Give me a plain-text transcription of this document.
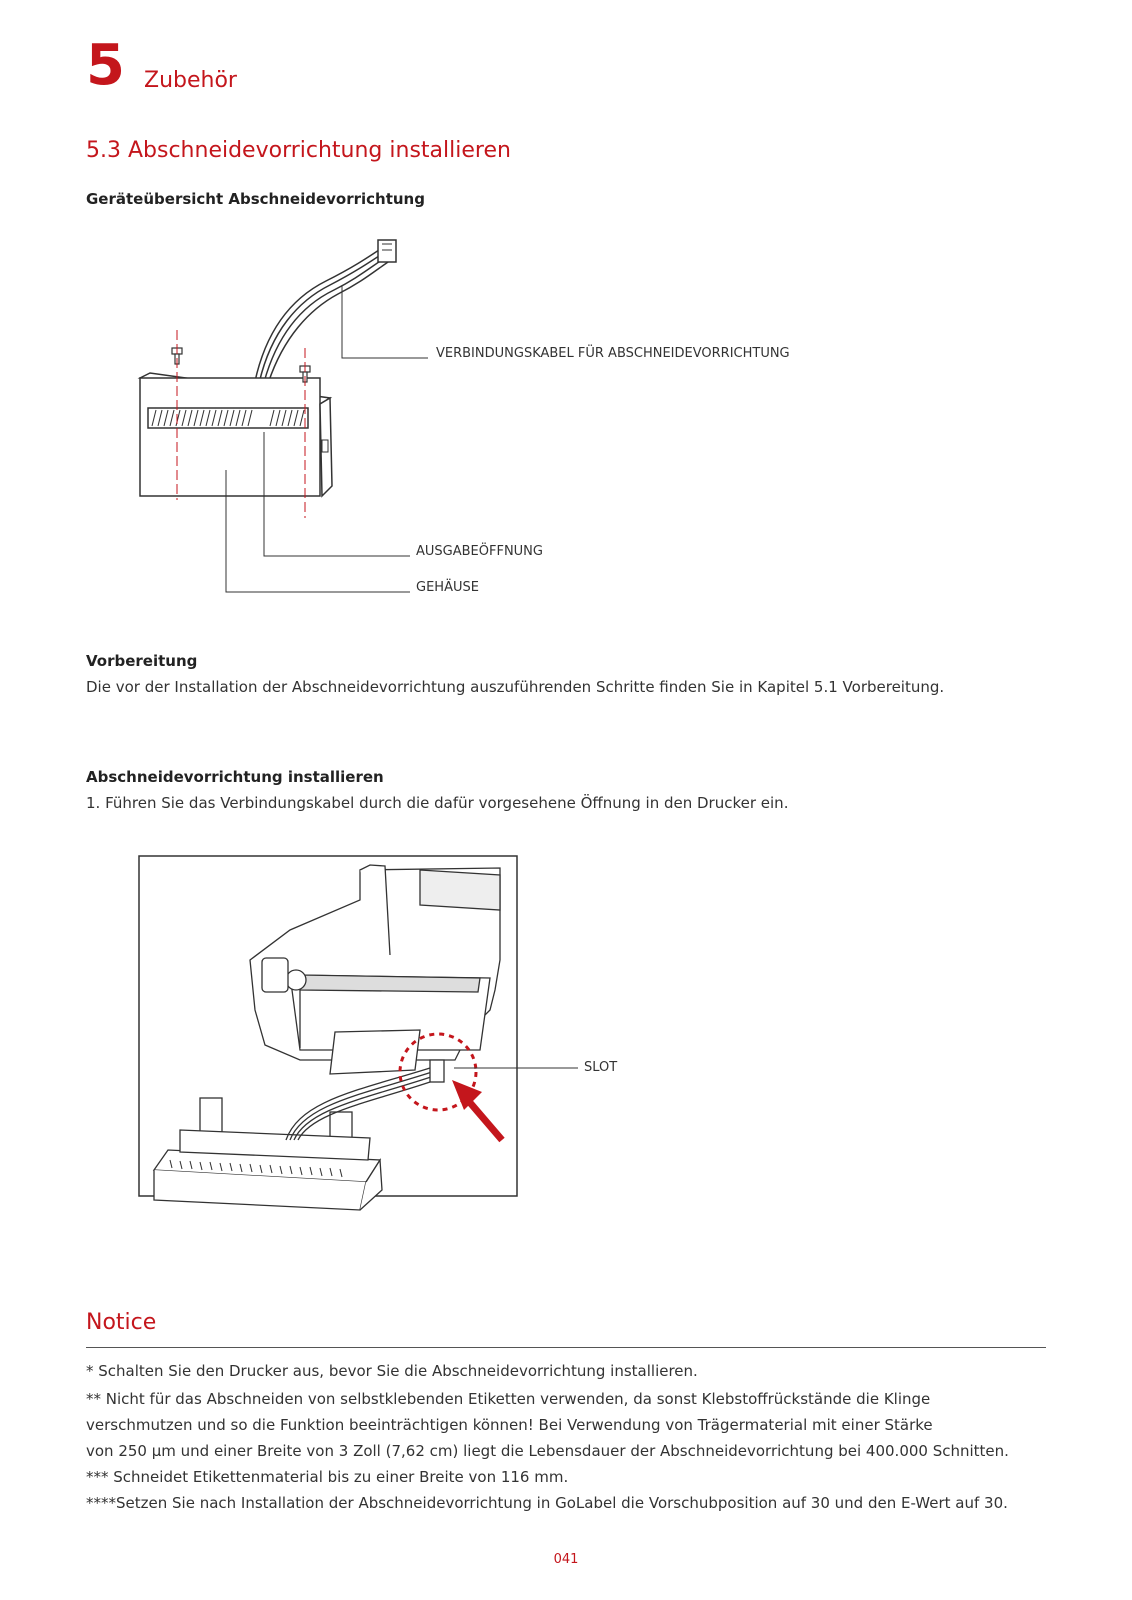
5 Zubehör
5.3 Abschneidevorrichtung installieren
Geräteübersicht Abschneidevorrichtung
VERBINDUNGSKABEL FÜR ABSCHNEIDEVORRICHTUNG
AUSGABEÖFFNUNG
GEHÄUSE
Vorbereitung
Die vor der Installation der Abschneidevorrichtung auszuführenden Schritte finden Sie in Kapitel 5.1 Vorbereitung.
Abschneidevorrichtung installieren
1. Führen Sie das Verbindungskabel durch die dafür vorgesehene Öffnung in den Drucker ein.
SLOT
Notice
* Schalten Sie den Drucker aus, bevor Sie die Abschneidevorrichtung installieren.
** Nicht für das Abschneiden von selbstklebenden Etiketten verwenden, da sonst Klebstoffrückstände die Klinge
verschmutzen und so die Funktion beeinträchtigen können! Bei Verwendung von Trägermaterial mit einer Stärke
von 250 µm und einer Breite von 3 Zoll (7,62 cm) liegt die Lebensdauer der Abschneidevorrichtung bei 400.000 Schnitten.
*** Schneidet Etikettenmaterial bis zu einer Breite von 116 mm.
****Setzen Sie nach Installation der Abschneidevorrichtung in GoLabel die Vorschubposition auf 30 und den E-Wert auf 30.
041
